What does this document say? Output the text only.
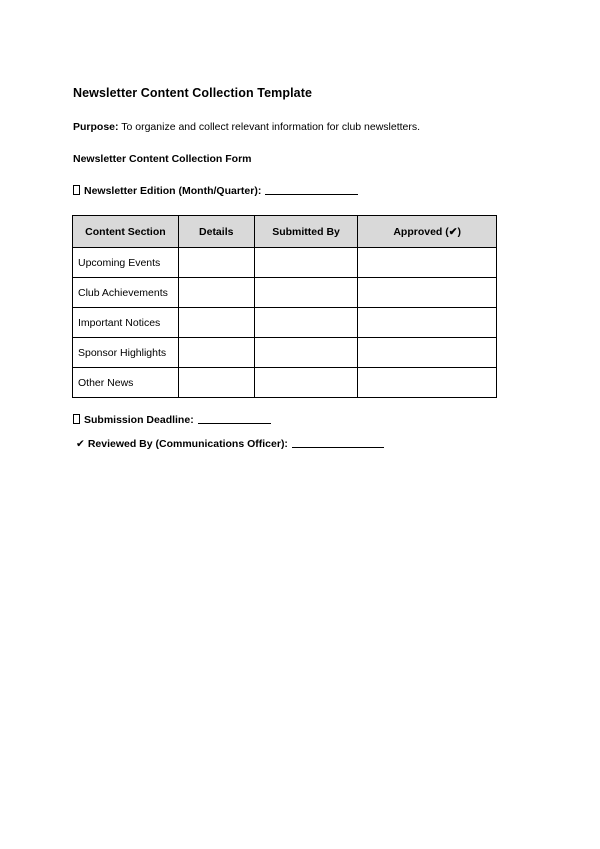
Newsletter Content Collection Template
Purpose: To organize and collect relevant information for club newsletters.
Newsletter Content Collection Form
Newsletter Edition (Month/Quarter):
Content Section	Details	Submitted By	Approved (✔)
Upcoming Events			
Club Achievements			
Important Notices			
Sponsor Highlights			
Other News			
Submission Deadline:
✔ Reviewed By (Communications Officer):
